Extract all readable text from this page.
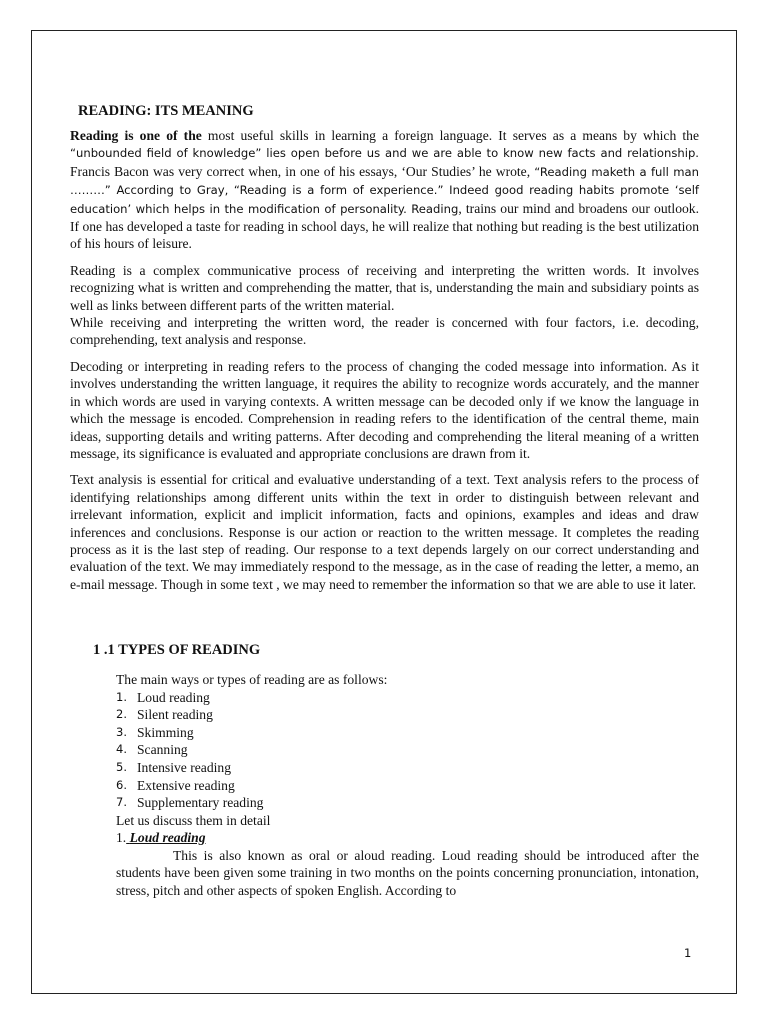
READING: ITS MEANING

Reading is one of the most useful skills in learning a foreign language. It serves as a means by which the “unbounded field of knowledge” lies open before us and we are able to know new facts and relationship. Francis Bacon was very correct when, in one of his essays, ‘Our Studies’ he wrote, “Reading maketh a full man ………” According to Gray, “Reading is a form of experience.” Indeed good reading habits promote ‘self education’ which helps in the modification of personality. Reading, trains our mind and broadens our outlook. If one has developed a taste for reading in school days, he will realize that nothing but reading is the best utilization of his hours of leisure.

Reading is a complex communicative process of receiving and interpreting the written words. It involves recognizing what is written and comprehending the matter, that is, understanding the main and subsidiary points as well as links between different parts of the written material.

While receiving and interpreting the written word, the reader is concerned with four factors, i.e. decoding, comprehending, text analysis and response.

Decoding or interpreting in reading refers to the process of changing the coded message into information. As it involves understanding the written language, it requires the ability to recognize words accurately, and the manner in which words are used in varying contexts. A written message can be decoded only if we know the language in which the message is encoded. Comprehension in reading refers to the identification of the central theme, main ideas, supporting details and writing patterns. After decoding and comprehending the literal meaning of a written message, its significance is evaluated and appropriate conclusions are drawn from it.

Text analysis is essential for critical and evaluative understanding of a text. Text analysis refers to the process of identifying relationships among different units within the text in order to distinguish between relevant and irrelevant information, explicit and implicit information, facts and opinions, examples and ideas and draw inferences and conclusions. Response is our action or reaction to the written message. It completes the reading process as it is the last step of reading. Our response to a text depends largely on our correct understanding and evaluation of the text. We may immediately respond to the message, as in the case of reading the letter, a memo, an e-mail message. Though in some text , we may need to remember the information so that we are able to use it later.

1 .1 TYPES OF READING

The main ways or types of reading are as follows:

1. Loud reading
2. Silent reading
3. Skimming
4. Scanning
5. Intensive reading
6. Extensive reading
7. Supplementary reading

Let us discuss them in detail

1. Loud reading

This is also known as oral or aloud reading. Loud reading should be introduced after the students have been given some training in two months on the points concerning pronunciation, intonation, stress, pitch and other aspects of spoken English. According to

1
